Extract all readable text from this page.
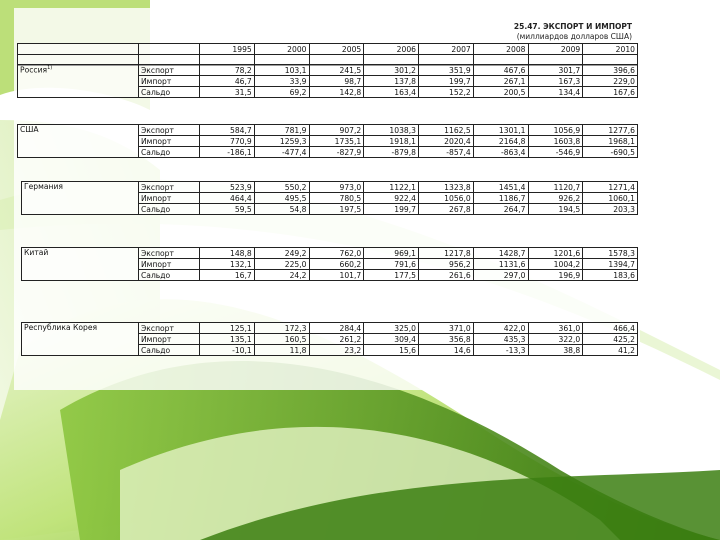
25.47. ЭКСПОРТ И ИМПОРТ
(миллиардов долларов США)
		1995	2000	2005	2006	2007	2008	2009	2010

Россия$^{1)}$	Экспорт	78,2	103,1	241,5	301,2	351,9	467,6	301,7	396,6
	Импорт	46,7	33,9	98,7	137,8	199,7	267,1	167,3	229,0
	Сальдо	31,5	69,2	142,8	163,4	152,2	200,5	134,4	167,6
США	Экспорт	584,7	781,9	907,2	1038,3	1162,5	1301,1	1056,9	1277,6
	Импорт	770,9	1259,3	1735,1	1918,1	2020,4	2164,8	1603,8	1968,1
	Сальдо	-186,1	-477,4	-827,9	-879,8	-857,4	-863,4	-546,9	-690,5
Германия	Экспорт	523,9	550,2	973,0	1122,1	1323,8	1451,4	1120,7	1271,4
	Импорт	464,4	495,5	780,5	922,4	1056,0	1186,7	926,2	1060,1
	Сальдо	59,5	54,8	197,5	199,7	267,8	264,7	194,5	203,3
Китай	Экспорт	148,8	249,2	762,0	969,1	1217,8	1428,7	1201,6	1578,3
	Импорт	132,1	225,0	660,2	791,6	956,2	1131,6	1004,2	1394,7
	Сальдо	16,7	24,2	101,7	177,5	261,6	297,0	196,9	183,6
Республика Корея	Экспорт	125,1	172,3	284,4	325,0	371,0	422,0	361,0	466,4
	Импорт	135,1	160,5	261,2	309,4	356,8	435,3	322,0	425,2
	Сальдо	-10,1	11,8	23,2	15,6	14,6	-13,3	38,8	41,2
